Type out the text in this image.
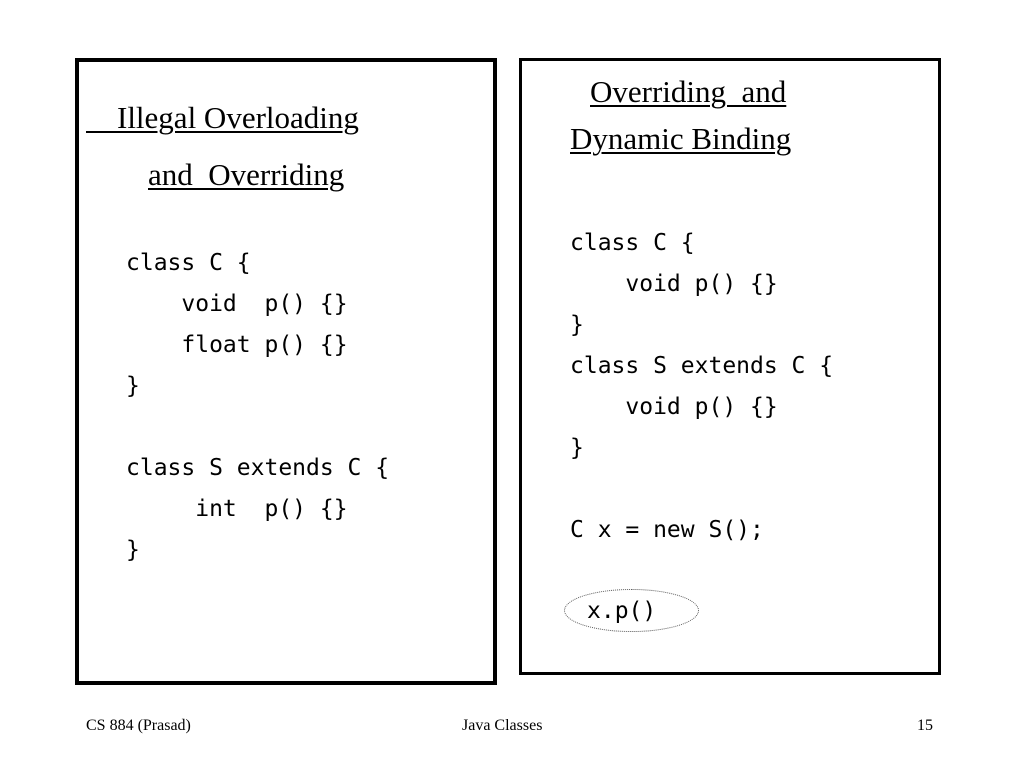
Illegal Overloading
and  Overriding
class C {
void  p() {}
float p() {}
}
class S extends C {
int  p() {}
}
Overriding  and
Dynamic Binding
class C {
void p() {}
}
class S extends C {
void p() {}
}
C x = new S();
x.p()
CS 884 (Prasad)	Java Classes	15
